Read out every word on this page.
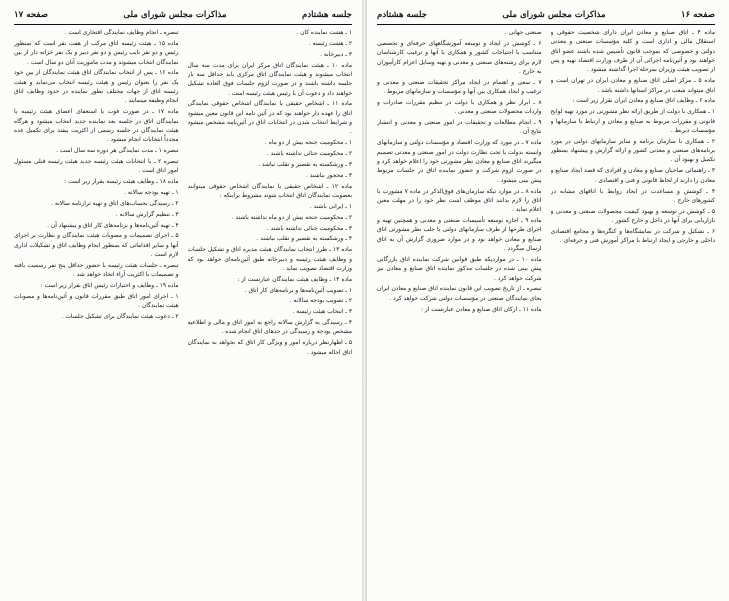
جلسه هشتادم
مذاکرات مجلس شورای ملی
صفحه ۱۷

۱ ـ هشت نماینده کان .

۲ ـ هشت رئیسه .

۳ ـ دبیرخانه .

ماده ۱۰ ـ هیئت نمایندگان اتاق مرکز ایران برای مدت سه سال انتخاب میشوند و هیئت نمایندگان اتاق مرکزی باید حداقل سه بار جلسه داشته باشند و در صورت لزوم جلسات فوق العاده تشکیل خواهند داد و دعوت آن با رئیس هیئت رئیسه است .

ماده ۱۱ ـ اشخاص حقیقی یا نمایندگان اشخاص حقوقی نمایندگی اتاق را عهده دار خواهند بود که در آئین نامه این قانون معین میشود و شرایط انتخاب شدن در انتخابات اتاق در آئین‌نامه مشخص میشود .

۱ ـ محکومیت جنحه بیش از دو ماه .

۲ ـ محکومیت جنائی نداشته باشند .

۳ ـ ورشکسته به تقصیر و تقلب نباشد .

۴ ـ محجور نباشند .

ماده ۱۲ ـ اشخاص حقیقی یا نمایندگان اشخاص حقوقی میتوانند بعضویت نمایندگان اتاق انتخاب شوند مشروط براینکه :

۱ ـ ایرانی باشند .

۲ ـ محکومیت جنحه بیش از دو ماه نداشته باشند .

۳ ـ محکومیت جنائی نداشته باشند .

۴ ـ ورشکسته به تقصیر و تقلب نباشند .

ماده ۱۳ ـ طرز انتخاب نمایندگان هیئت مدیره اتاق و تشکیل جلسات و وظایف هیئت رئیسه و دبیرخانه طبق آئین‌نامه‌ای خواهد بود که وزارت اقتصاد تصویب نماید .

ماده ۱۴ ـ وظایف هیئت نمایندگان عبارتست از :

۱ ـ تصویب آئین‌نامه‌ها و برنامه‌های کار اتاق .

۲ ـ تصویب بودجه سالانه .

۳ ـ انتخاب هیئت رئیسه .

۴ ـ رسیدگی به گزارش سالانه راجع به امور اتاق و مالی و اطلاعیه مشخص بودجه و رسیدگی در حدهای اتاق انجام شده .

۵ ـ اظهارنظر درباره امور و ویژگی کار اتاق که بخواهد به نمایندگان اتاق احاله میشود .

تبصره ـ انجام وظایف نمایندگی افتخاری است .

ماده ۱۵ ـ هیئت رئیسه اتاق مرکب از هفت نفر است که بمنظور رئیس و دو نفر نایب رئیس و دو نفر دبیر و یک نفر خزانه دار از بین نمایندگان انتخاب میشوند و مدت ماموریت آنان دو سال است .

ماده ۱۶ ـ پس از انتخاب نمایندگان اتاق هیئت نمایندگان از بین خود یک نفر را بعنوان رئیس و هیئت رئیسه انتخاب می‌نماید و هیئت رئیسه اتاق از جهات مختلف بطور نماینده در حدود وظایف اتاق انجام وظیفه مینمایند .

ماده ۱۷ ـ در صورت فوت یا استعفای اعضای هیئت رئیسه یا نمایندگان اتاق در جلسه بعد نماینده جدید انتخاب میشود و هرگاه هیئت نمایندگان در جلسه رسمی از اکثریت بیفتد برای تکمیل عده مجدداً انتخابات انجام میشود .

تبصره ۱ ـ مدت نمایندگی هر دوره سه سال است .

تبصره ۲ ـ با انتخابات هیئت رئیسه جدید هیئت رئیسه قبلی مسئول امور اتاق است .

ماده ۱۸ ـ وظایف هیئت رئیسه بقرار زیر است :

۱ ـ تهیه بودجه سالانه .

۲ ـ رسیدگی بحساب‌های اتاق و تهیه ترازنامه سالانه .

۳ ـ تنظیم گزارش سالانه .

۴ ـ تهیه آئین‌نامه‌ها و برنامه‌های کار اتاق و پیشنهاد آن .

۵ ـ اجرای تصمیمات و مصوبات هیئت نمایندگان و نظارت بر اجرای آنها و سایر اقداماتی که بمنظور انجام وظایف اتاق و تشکیلات اداری لازم است .

تبصره ـ جلسات هیئت رئیسه با حضور حداقل پنج نفر رسمیت یافته و تصمیمات با اکثریت آراء اتخاذ خواهد شد .

ماده ۱۹ ـ وظایف و اختیارات رئیس اتاق بقرار زیر است :

۱ ـ اجرای امور اتاق طبق مقررات قانون و آئین‌نامه‌ها و مصوبات هیئت نمایندگان .

۲ ـ دعوت هیئت نمایندگان برای تشکیل جلسات .

صفحه ۱۶
مذاکرات مجلس شورای ملی
جلسه هشتادم

ماده ۴ ـ اتاق صنایع و معادن ایران دارای شخصیت حقوقی و استقلال مالی و اداری است و کلیه مؤسسات صنعتی و معدنی دولتی و خصوصی که بموجب قانون تأسیس شده باشند عضو اتاق خواهند بود و آئین‌نامه اجرائی آن از طرف وزارت اقتصاد تهیه و پس از تصویب هیئت وزیران بمرحله اجرا گذاشته میشود .

ماده ۵ ـ مرکز اصلی اتاق صنایع و معادن ایران در تهران است و اتاق میتواند شعب در مراکز استانها داشته باشد .

ماده ۶ ـ وظایف اتاق صنایع و معادن ایران بقرار زیر است :

۱ ـ همکاری با دولت از طریق ارائه نظر مشورتی در مورد تهیه لوایح قانونی و مقررات مربوط به صنایع و معادن و ارتباط با سازمانها و مؤسسات ذیربط .

۲ ـ همکاری با سازمان برنامه و سایر سازمانهای دولتی در مورد برنامه‌های صنعتی و معدنی کشور و ارائه گزارش و پیشنهاد بمنظور تکمیل و بهبود آن .

۳ ـ راهنمائی صاحبان صنایع و معادن و افرادی که قصد ایجاد صنایع و معادن را دارند از لحاظ قانونی و فنی و اقتصادی .

۴ ـ کوشش و مساعدت در ایجاد روابط با اتاقهای مشابه در کشورهای خارج .

۵ ـ کوشش در توسعه و بهبود کیفیت محصولات صنعتی و معدنی و بازاریابی برای آنها در داخل و خارج کشور .

۶ ـ تشکیل و شرکت در نمایشگاه‌ها و کنگره‌ها و مجامع اقتصادی داخلی و خارجی و ایجاد ارتباط با مراکز آموزش فنی و حرفه‌ای .

صنعتی جهانی .

۶ ـ کوشش در ایجاد و توسعه آموزشگاههای حرفه‌ای و تخصصی متناسب با احتیاجات کشور و همکاری با آنها و ترغیب کارشناسان لازم برای رشته‌های صنعتی و معدنی و تهیه وسایل اعزام کارآموزان به خارج .

۷ ـ سعی و اهتمام در ایجاد مراکز تحقیقات صنعتی و معدنی و ترغیب و ایجاد همکاری بین آنها و مؤسسات و سازمانهای مربوط .

۸ ـ ابراز نظر و همکاری با دولت در تنظیم مقررات صادرات و واردات محصولات صنعتی و معدنی .

۹ ـ انجام مطالعات و تحقیقات در امور صنعتی و معدنی و انتشار نتایج آن .

ماده ۷ ـ در مورد که وزارت اقتصاد و مؤسسات دولتی و سازمانهای وابسته بدولت یا تحت نظارت دولت در امور صنعتی و معدنی تصمیم میگیرند اتاق صنایع و معادن نظر مشورتی خود را اعلام خواهد کرد و در صورت لزوم شرکت و حضور نماینده اتاق در جلسات مربوط پیش بینی میشود .

ماده ۸ ـ در موارد تیکه سازمان‌های فوق‌الذکر در ماده ۷ مشورت با اتاق را لازم بدانند اتاق موظف است نظر خود را در مهلت معین اعلام نماید .

ماده ۹ ـ اجازه توسعه تأسیسات صنعتی و معدنی و همچنین تهیه و اجرای طرحها از طرف سازمانهای دولتی با جلب نظر مشورتی اتاق صنایع و معادن خواهد بود و در موارد ضروری گزارش آن به اتاق ارسال میگردد .

ماده ۱۰ ـ در مواردیکه طبق قوانین شرکت نماینده اتاق بازرگانی پیش بینی شده در جلسات مذکور نماینده اتاق صنایع و معادن نیز شرکت خواهد کرد .

تبصره ـ از تاریخ تصویب این قانون نماینده اتاق صنایع و معادن ایران بجای نمایندگان صنعتی در مؤسسات دولتی شرکت خواهد کرد .

ماده ۱۱ ـ ارکان اتاق صنایع و معادن عبارتست از :
